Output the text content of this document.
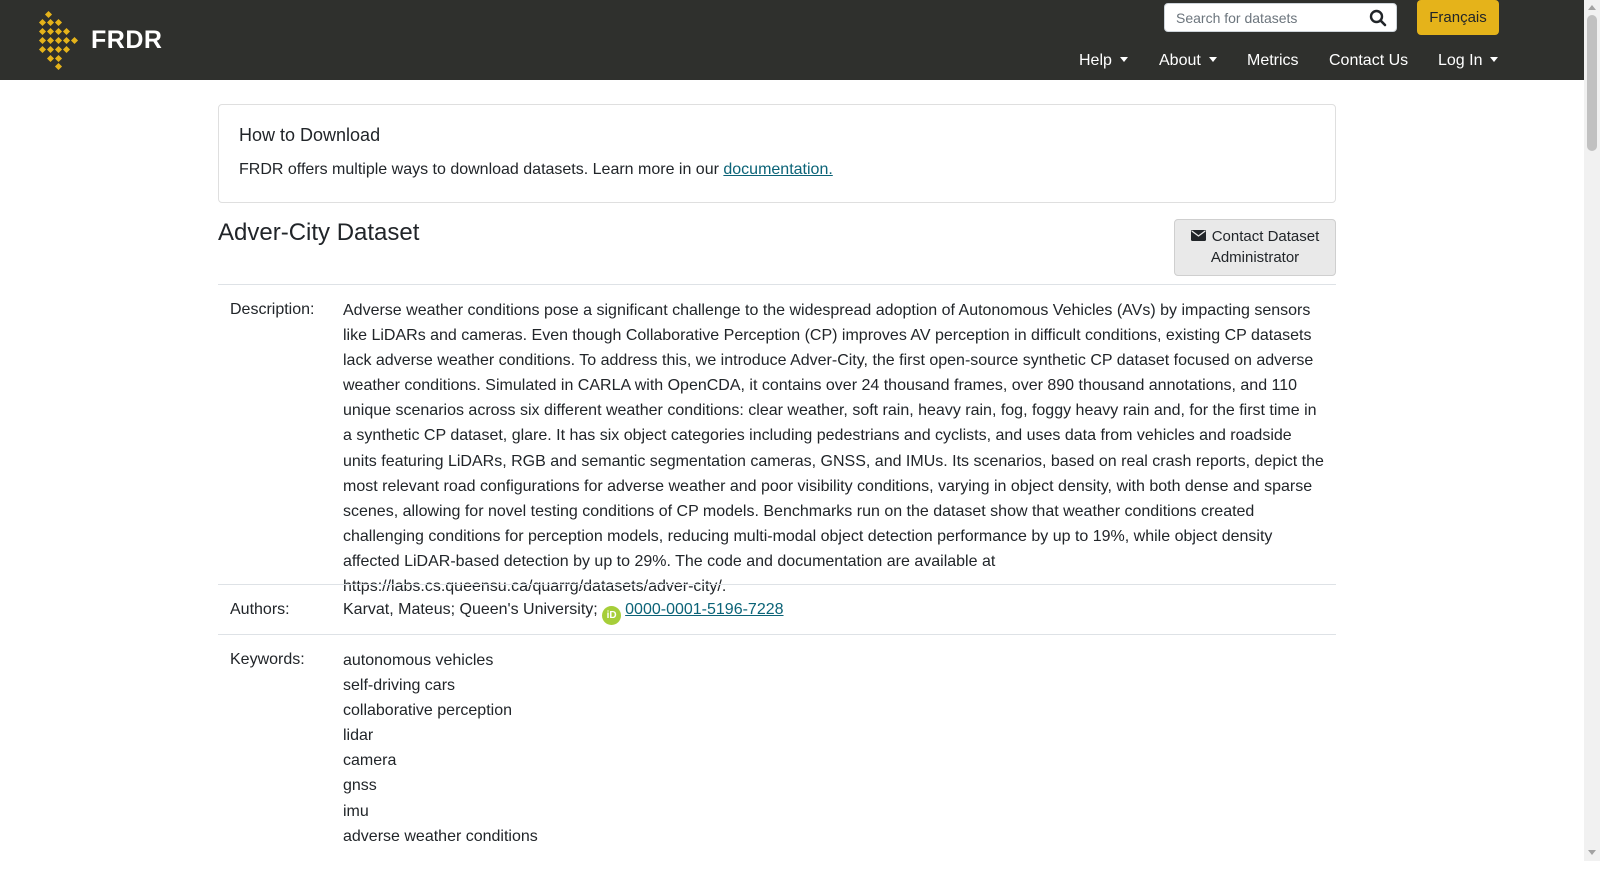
FRDR
Search for datasets
Français
Help	About	Metrics Contact Us Log In
How to Download
FRDR offers multiple ways to download datasets. Learn more in our documentation.
Adver-City Dataset	Contact Dataset
Administrator
Description: Adverse weather conditions pose a significant challenge to the widespread adoption of Autonomous Vehicles (AVs) by impacting sensors like LiDARs and cameras. Even though Collaborative Perception (CP) improves AV perception in difficult conditions, existing CP datasets lack adverse weather conditions. To address this, we introduce Adver-City, the first open-source synthetic CP dataset focused on adverse weather conditions. Simulated in CARLA with OpenCDA, it contains over 24 thousand frames, over 890 thousand annotations, and 110 unique scenarios across six different weather conditions: clear weather, soft rain, heavy rain, fog, foggy heavy rain and, for the first time in a synthetic CP dataset, glare. It has six object categories including pedestrians and cyclists, and uses data from vehicles and roadside units featuring LiDARs, RGB and semantic segmentation cameras, GNSS, and IMUs. Its scenarios, based on real crash reports, depict the most relevant road configurations for adverse weather and poor visibility conditions, varying in object density, with both dense and sparse scenes, allowing for novel testing conditions of CP models. Benchmarks run on the dataset show that weather conditions created challenging conditions for perception models, reducing multi-modal object detection performance by up to 19%, while object density affected LiDAR-based detection by up to 29%. The code and documentation are available at https://labs.cs.queensu.ca/quarrg/datasets/adver-city/.
Authors:	Karvat, Mateus; Queen's University; iD 0000-0001-5196-7228
Keywords: autonomous vehicles
self-driving cars
collaborative perception
lidar
camera
gnss
imu
adverse weather conditions
